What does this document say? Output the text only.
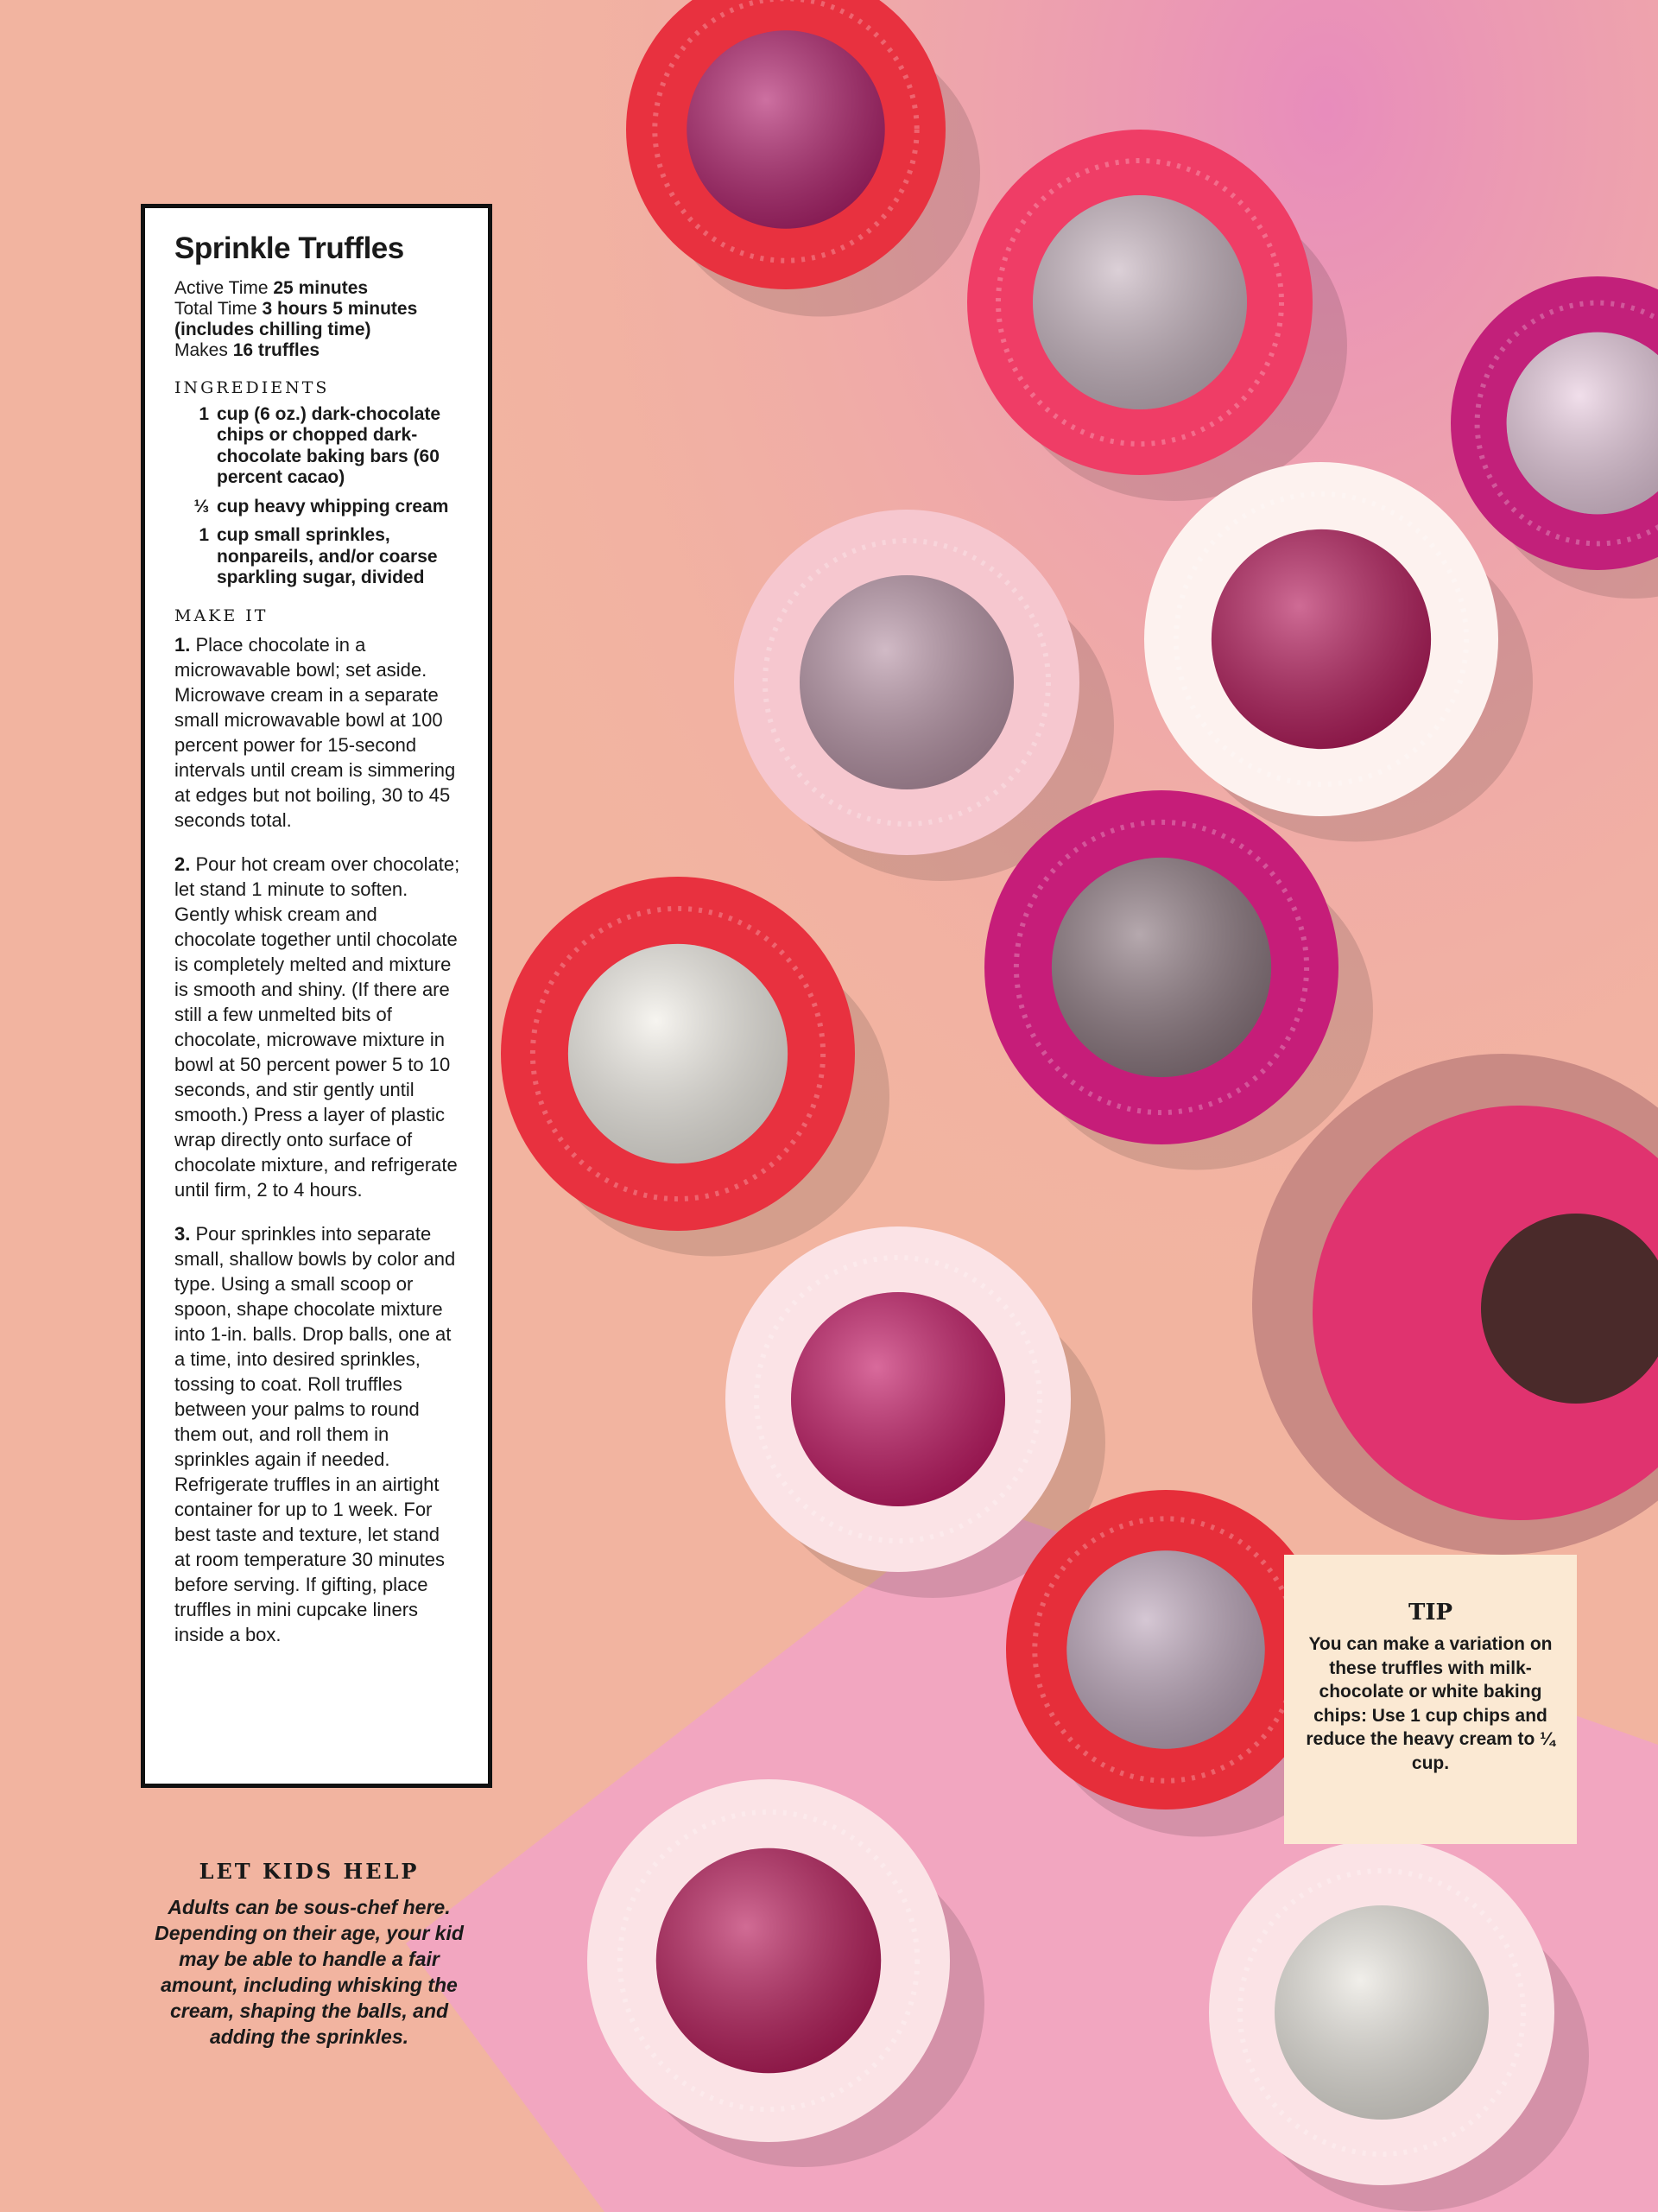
Sprinkle Truffles
Active Time 25 minutes
Total Time 3 hours 5 minutes (includes chilling time)
Makes 16 truffles
INGREDIENTS
1 cup (6 oz.) dark-chocolate chips or chopped dark-chocolate baking bars (60 percent cacao)
⅓ cup heavy whipping cream
1 cup small sprinkles, nonpareils, and/or coarse sparkling sugar, divided
MAKE IT

1. Place chocolate in a microwavable bowl; set aside. Microwave cream in a separate small microwavable bowl at 100 percent power for 15-second intervals until cream is simmering at edges but not boiling, 30 to 45 seconds total.

2. Pour hot cream over chocolate; let stand 1 minute to soften. Gently whisk cream and chocolate together until chocolate is completely melted and mixture is smooth and shiny. (If there are still a few unmelted bits of chocolate, microwave mixture in bowl at 50 percent power 5 to 10 seconds, and stir gently until smooth.) Press a layer of plastic wrap directly onto surface of chocolate mixture, and refrigerate until firm, 2 to 4 hours.

3. Pour sprinkles into separate small, shallow bowls by color and type. Using a small scoop or spoon, shape chocolate mixture into 1-in. balls. Drop balls, one at a time, into desired sprinkles, tossing to coat. Roll truffles between your palms to round them out, and roll them in sprinkles again if needed. Refrigerate truffles in an airtight container for up to 1 week. For best taste and texture, let stand at room temperature 30 minutes before serving. If gifting, place truffles in mini cupcake liners inside a box.

LET KIDS HELP
Adults can be sous-chef here. Depending on their age, your kid may be able to handle a fair amount, including whisking the cream, shaping the balls, and adding the sprinkles.
TIP
You can make a variation on these truffles with milk-chocolate or white baking chips: Use 1 cup chips and reduce the heavy cream to ¼ cup.
